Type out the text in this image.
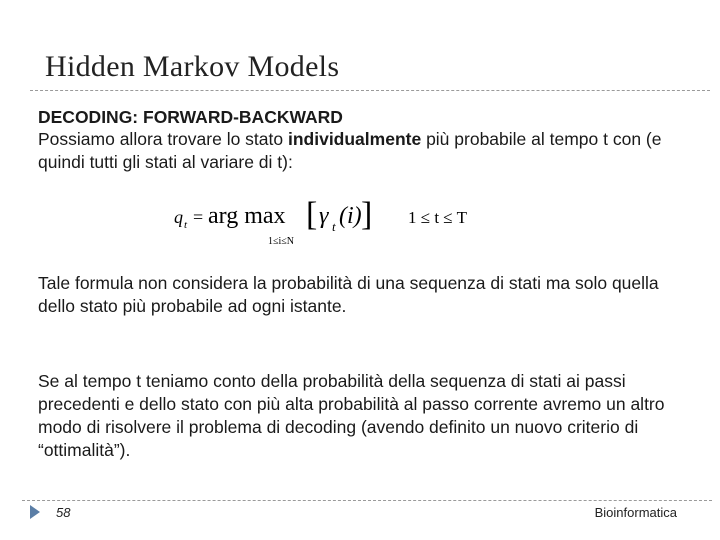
Hidden Markov Models
DECODING: FORWARD-BACKWARD
Possiamo allora trovare lo stato individualmente più probabile al tempo t con (e quindi tutti gli stati al variare di t):
q t = arg max
1≤i≤N
[ γ t (i) ] 1 ≤ t ≤ T
Tale formula non considera la probabilità di una sequenza di stati ma solo quella dello stato più probabile ad ogni istante.
Se al tempo t teniamo conto della probabilità della sequenza di stati ai passi precedenti e dello stato con più alta probabilità al passo corrente avremo un altro modo di risolvere il problema di decoding (avendo definito un nuovo criterio di “ottimalità”).
58	Bioinformatica
